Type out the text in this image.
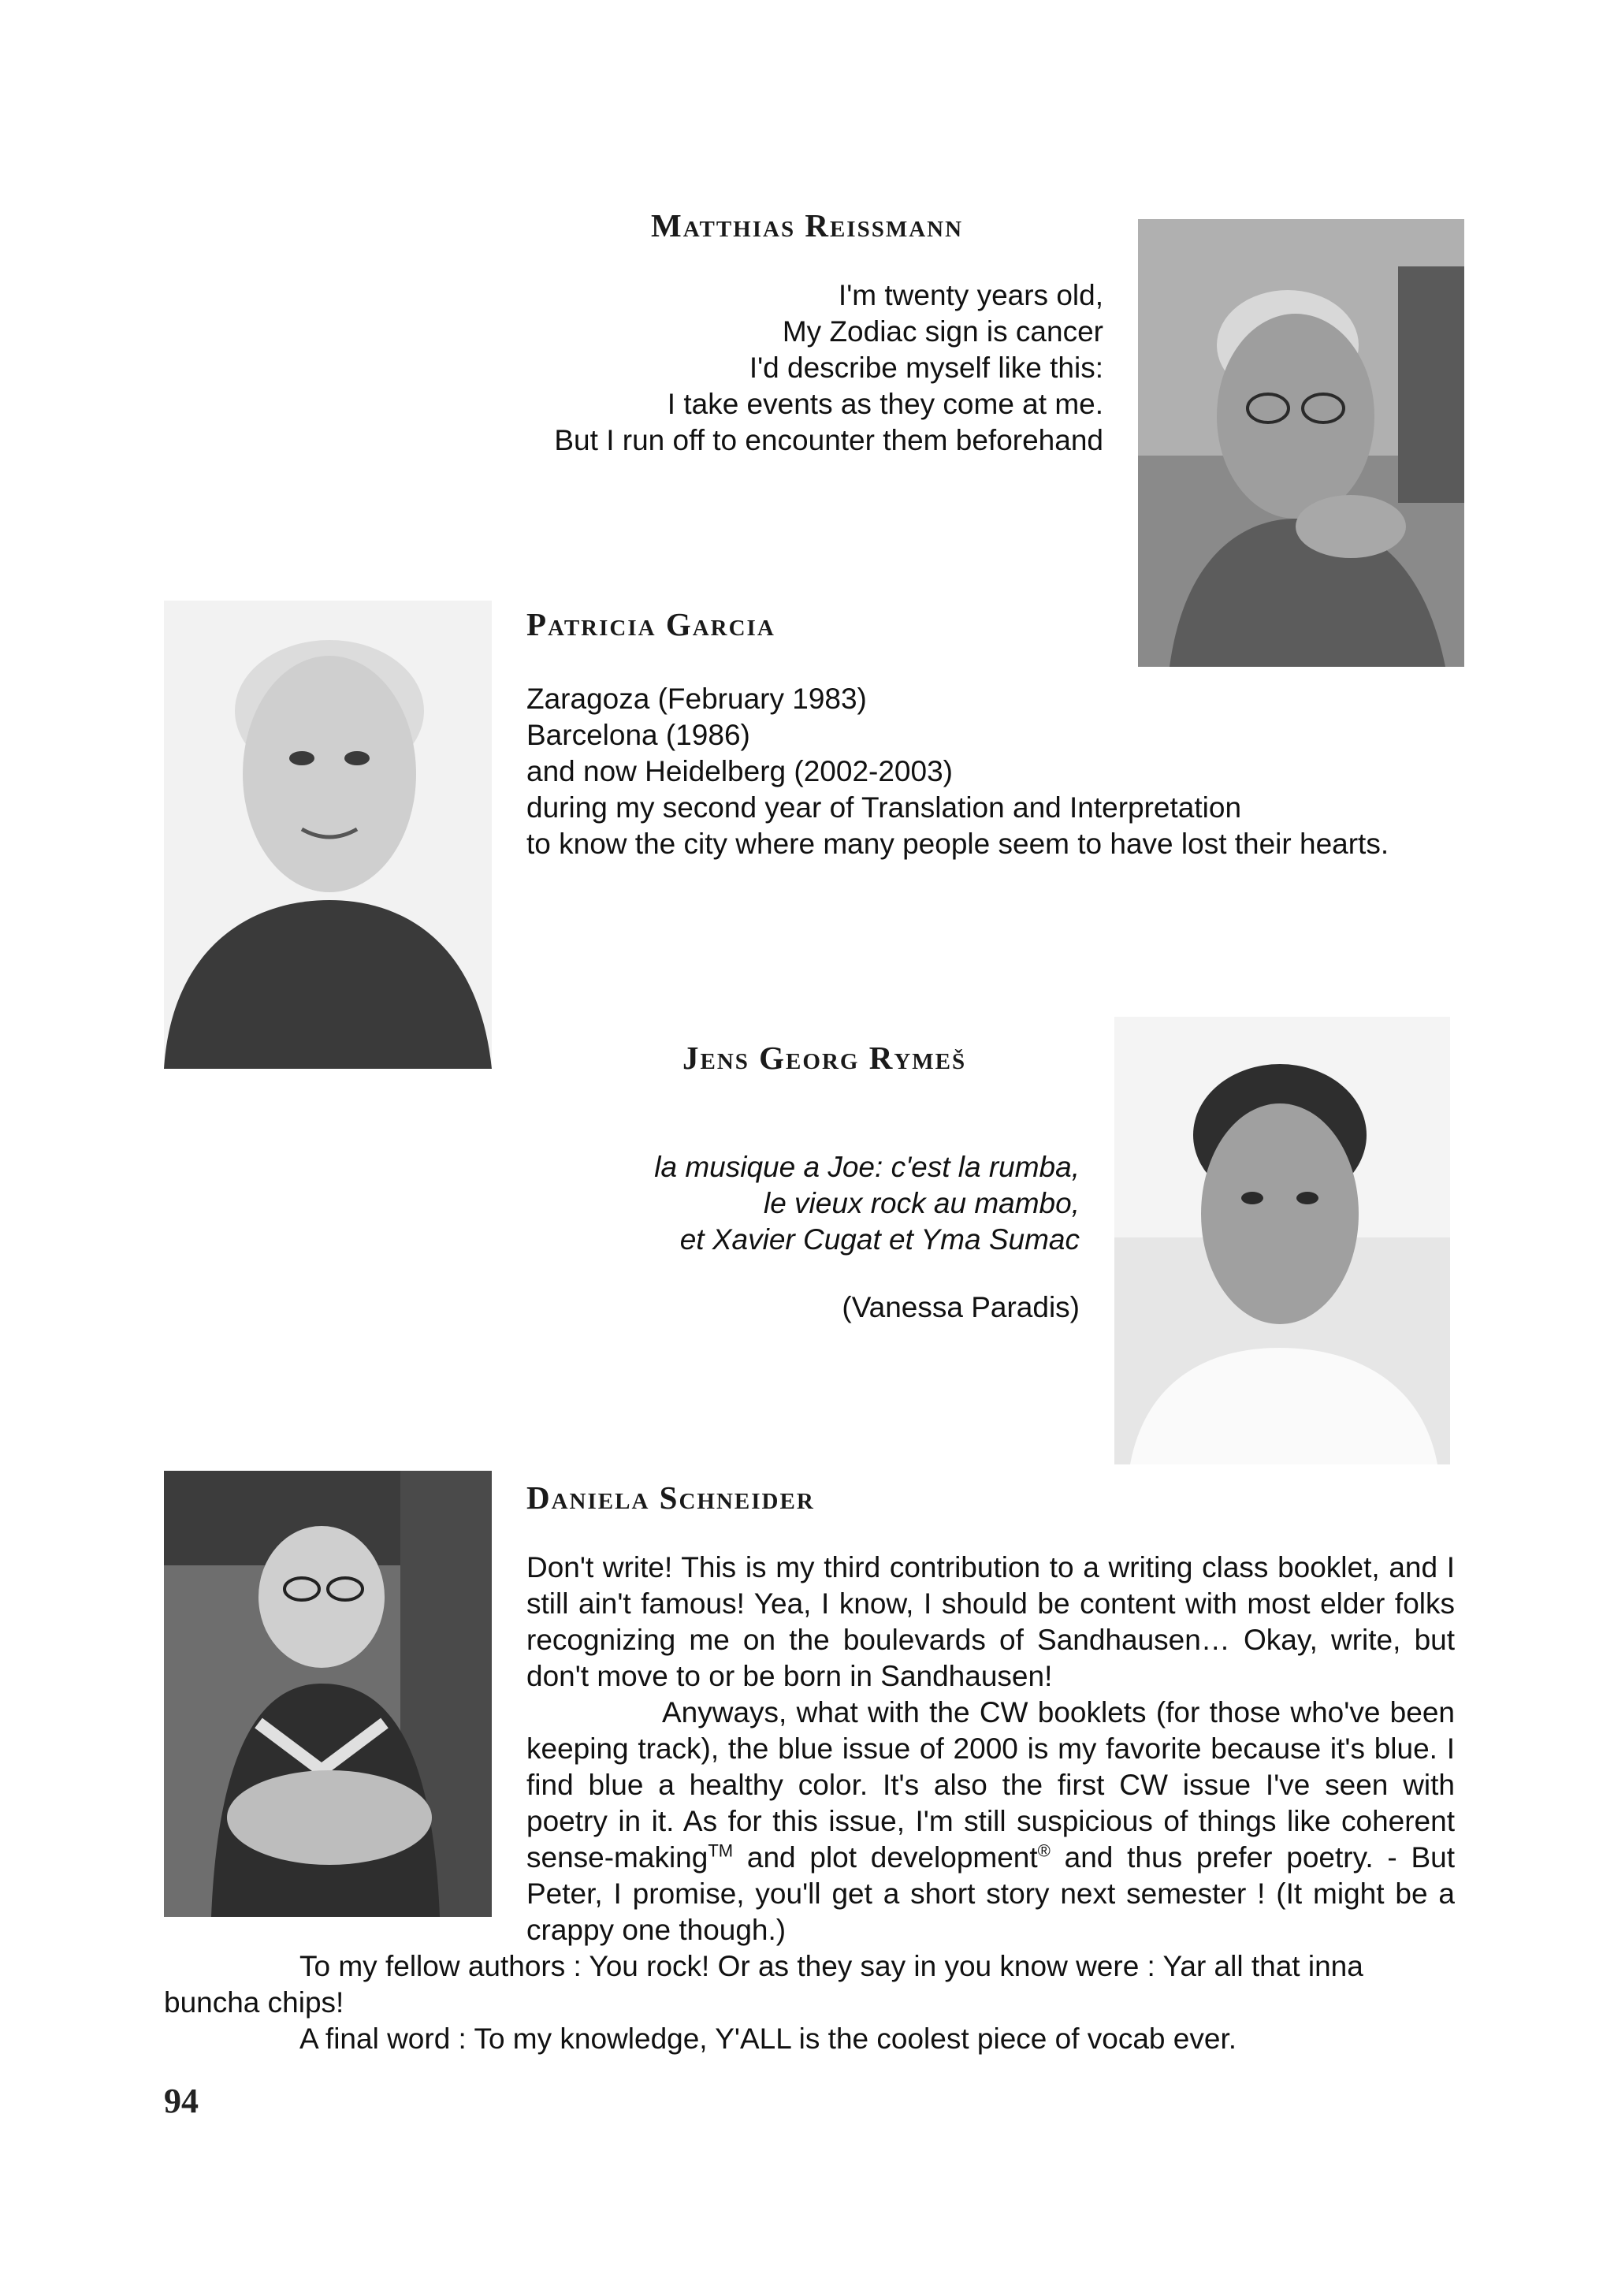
Matthias Reissmann
I'm twenty years old,
My Zodiac sign is cancer
I'd describe myself like this:
I take events as they come at me.
But I run off to encounter them beforehand
Patricia Garcia
Zaragoza (February 1983)
Barcelona (1986)
and now Heidelberg (2002-2003)
during my second year of Translation and Interpretation
to know the city where many people seem to have lost their hearts.
Jens Georg Rymeš
la musique a Joe: c'est la rumba,
le vieux rock au mambo,
et Xavier Cugat et Yma Sumac
(Vanessa Paradis)
Daniela Schneider
Don't write! This is my third contribution to a writing class booklet, and I still ain't famous! Yea, I know, I should be content with most elder folks recognizing me on the boulevards of Sandhausen… Okay, write, but don't move to or be born in Sandhausen!
Anyways, what with the CW booklets (for those who've been keeping track), the blue issue of 2000 is my favorite because it's blue. I find blue a healthy color. It's also the first CW issue I've seen with poetry in it. As for this issue, I'm still suspicious of things like coherent sense-making™ and plot development® and thus prefer poetry. - But Peter, I promise, you'll get a short story next semester ! (It might be a crappy one though.)
To my fellow authors : You rock! Or as they say in you know were : Yar all that inna buncha chips!
A final word : To my knowledge, Y'ALL is the coolest piece of vocab ever.
94
